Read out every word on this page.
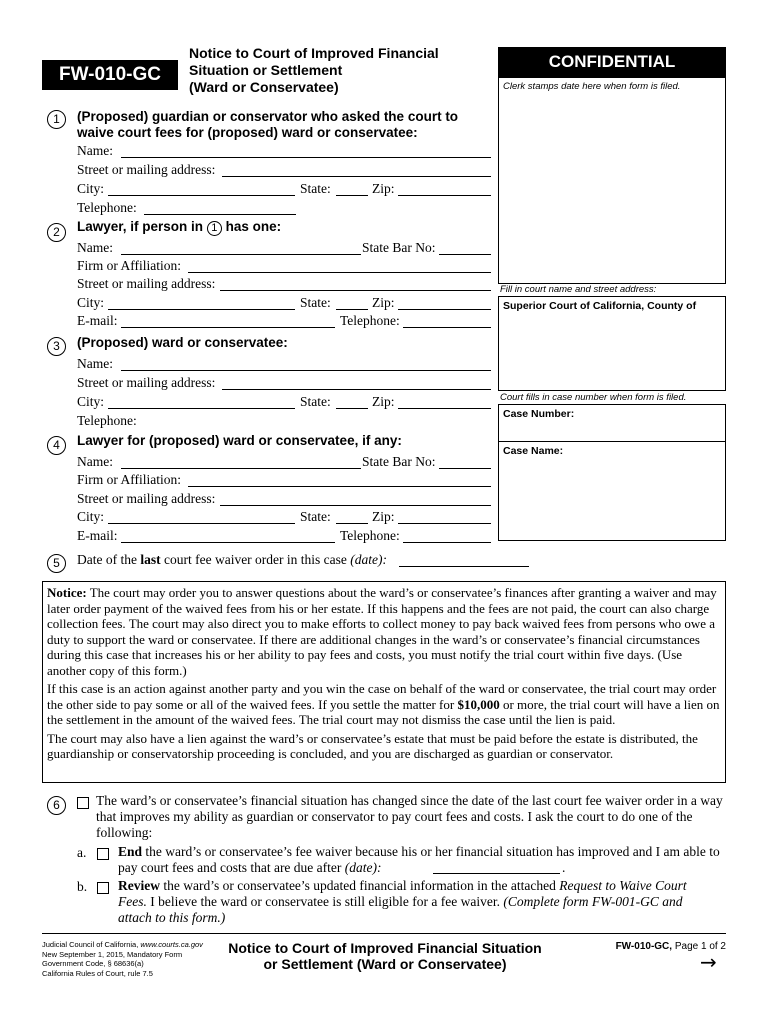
FW-010-GC
Notice to Court of Improved Financial
Situation or Settlement
(Ward or Conservatee)
CONFIDENTIAL
Clerk stamps date here when form is filed.
Fill in court name and street address:
Superior Court of California, County of
Court fills in case number when form is filed.
Case Number:
Case Name:
1	(Proposed) guardian or conservator who asked the court to
waive court fees for (proposed) ward or conservatee:
Name:
Street or mailing address:
City:	State:	Zip:
Telephone:
2	Lawyer, if person in 1 has one:
Name:	State Bar No:
Firm or Affiliation:
Street or mailing address:
City:	State:	Zip:
E-mail:	Telephone:
3	(Proposed) ward or conservatee:
Name:
Street or mailing address:
City:	State:	Zip:
Telephone:
4	Lawyer for (proposed) ward or conservatee, if any:
Name:	State Bar No:
Firm or Affiliation:
Street or mailing address:
City:	State:	Zip:
E-mail:	Telephone:
5	Date of the last court fee waiver order in this case (date):

Notice: The court may order you to answer questions about the ward’s or conservatee’s finances after granting a waiver and may later order payment of the waived fees from his or her estate. If this happens and the fees are not paid, the court can also charge collection fees. The court may also direct you to make efforts to collect money to pay back waived fees from persons who owe a duty to support the ward or conservatee. If there are additional changes in the ward’s or conservatee’s financial circumstances during this case that increases his or her ability to pay fees and costs, you must notify the trial court within five days. (Use another copy of this form.)

If this case is an action against another party and you win the case on behalf of the ward or conservatee, the trial court may order the other side to pay some or all of the waived fees. If you settle the matter for $10,000 or more, the trial court will have a lien on the settlement in the amount of the waived fees. The trial court may not dismiss the case until the lien is paid.

The court may also have a lien against the ward’s or conservatee’s estate that must be paid before the estate is distributed, the guardianship or conservatorship proceeding is concluded, and you are discharged as guardian or conservator.

6	The ward’s or conservatee’s financial situation has changed since the date of the last court fee waiver order in a way that improves my ability as guardian or conservator to pay court fees and costs. I ask the court to do one of the following:
a. End the ward’s or conservatee’s fee waiver because his or her financial situation has improved and I am able to pay court fees and costs that are due after (date):	.
b. Review the ward’s or conservatee’s updated financial information in the attached Request to Waive Court Fees. I believe the ward or conservatee is still eligible for a fee waiver. (Complete form FW-001-GC and attach to this form.)
Judicial Council of California, www.courts.ca.gov
New September 1, 2015, Mandatory Form
Government Code, § 68636(a)
California Rules of Court, rule 7.5
Notice to Court of Improved Financial Situation
or Settlement (Ward or Conservatee)
FW-010-GC, Page 1 of 2
→
